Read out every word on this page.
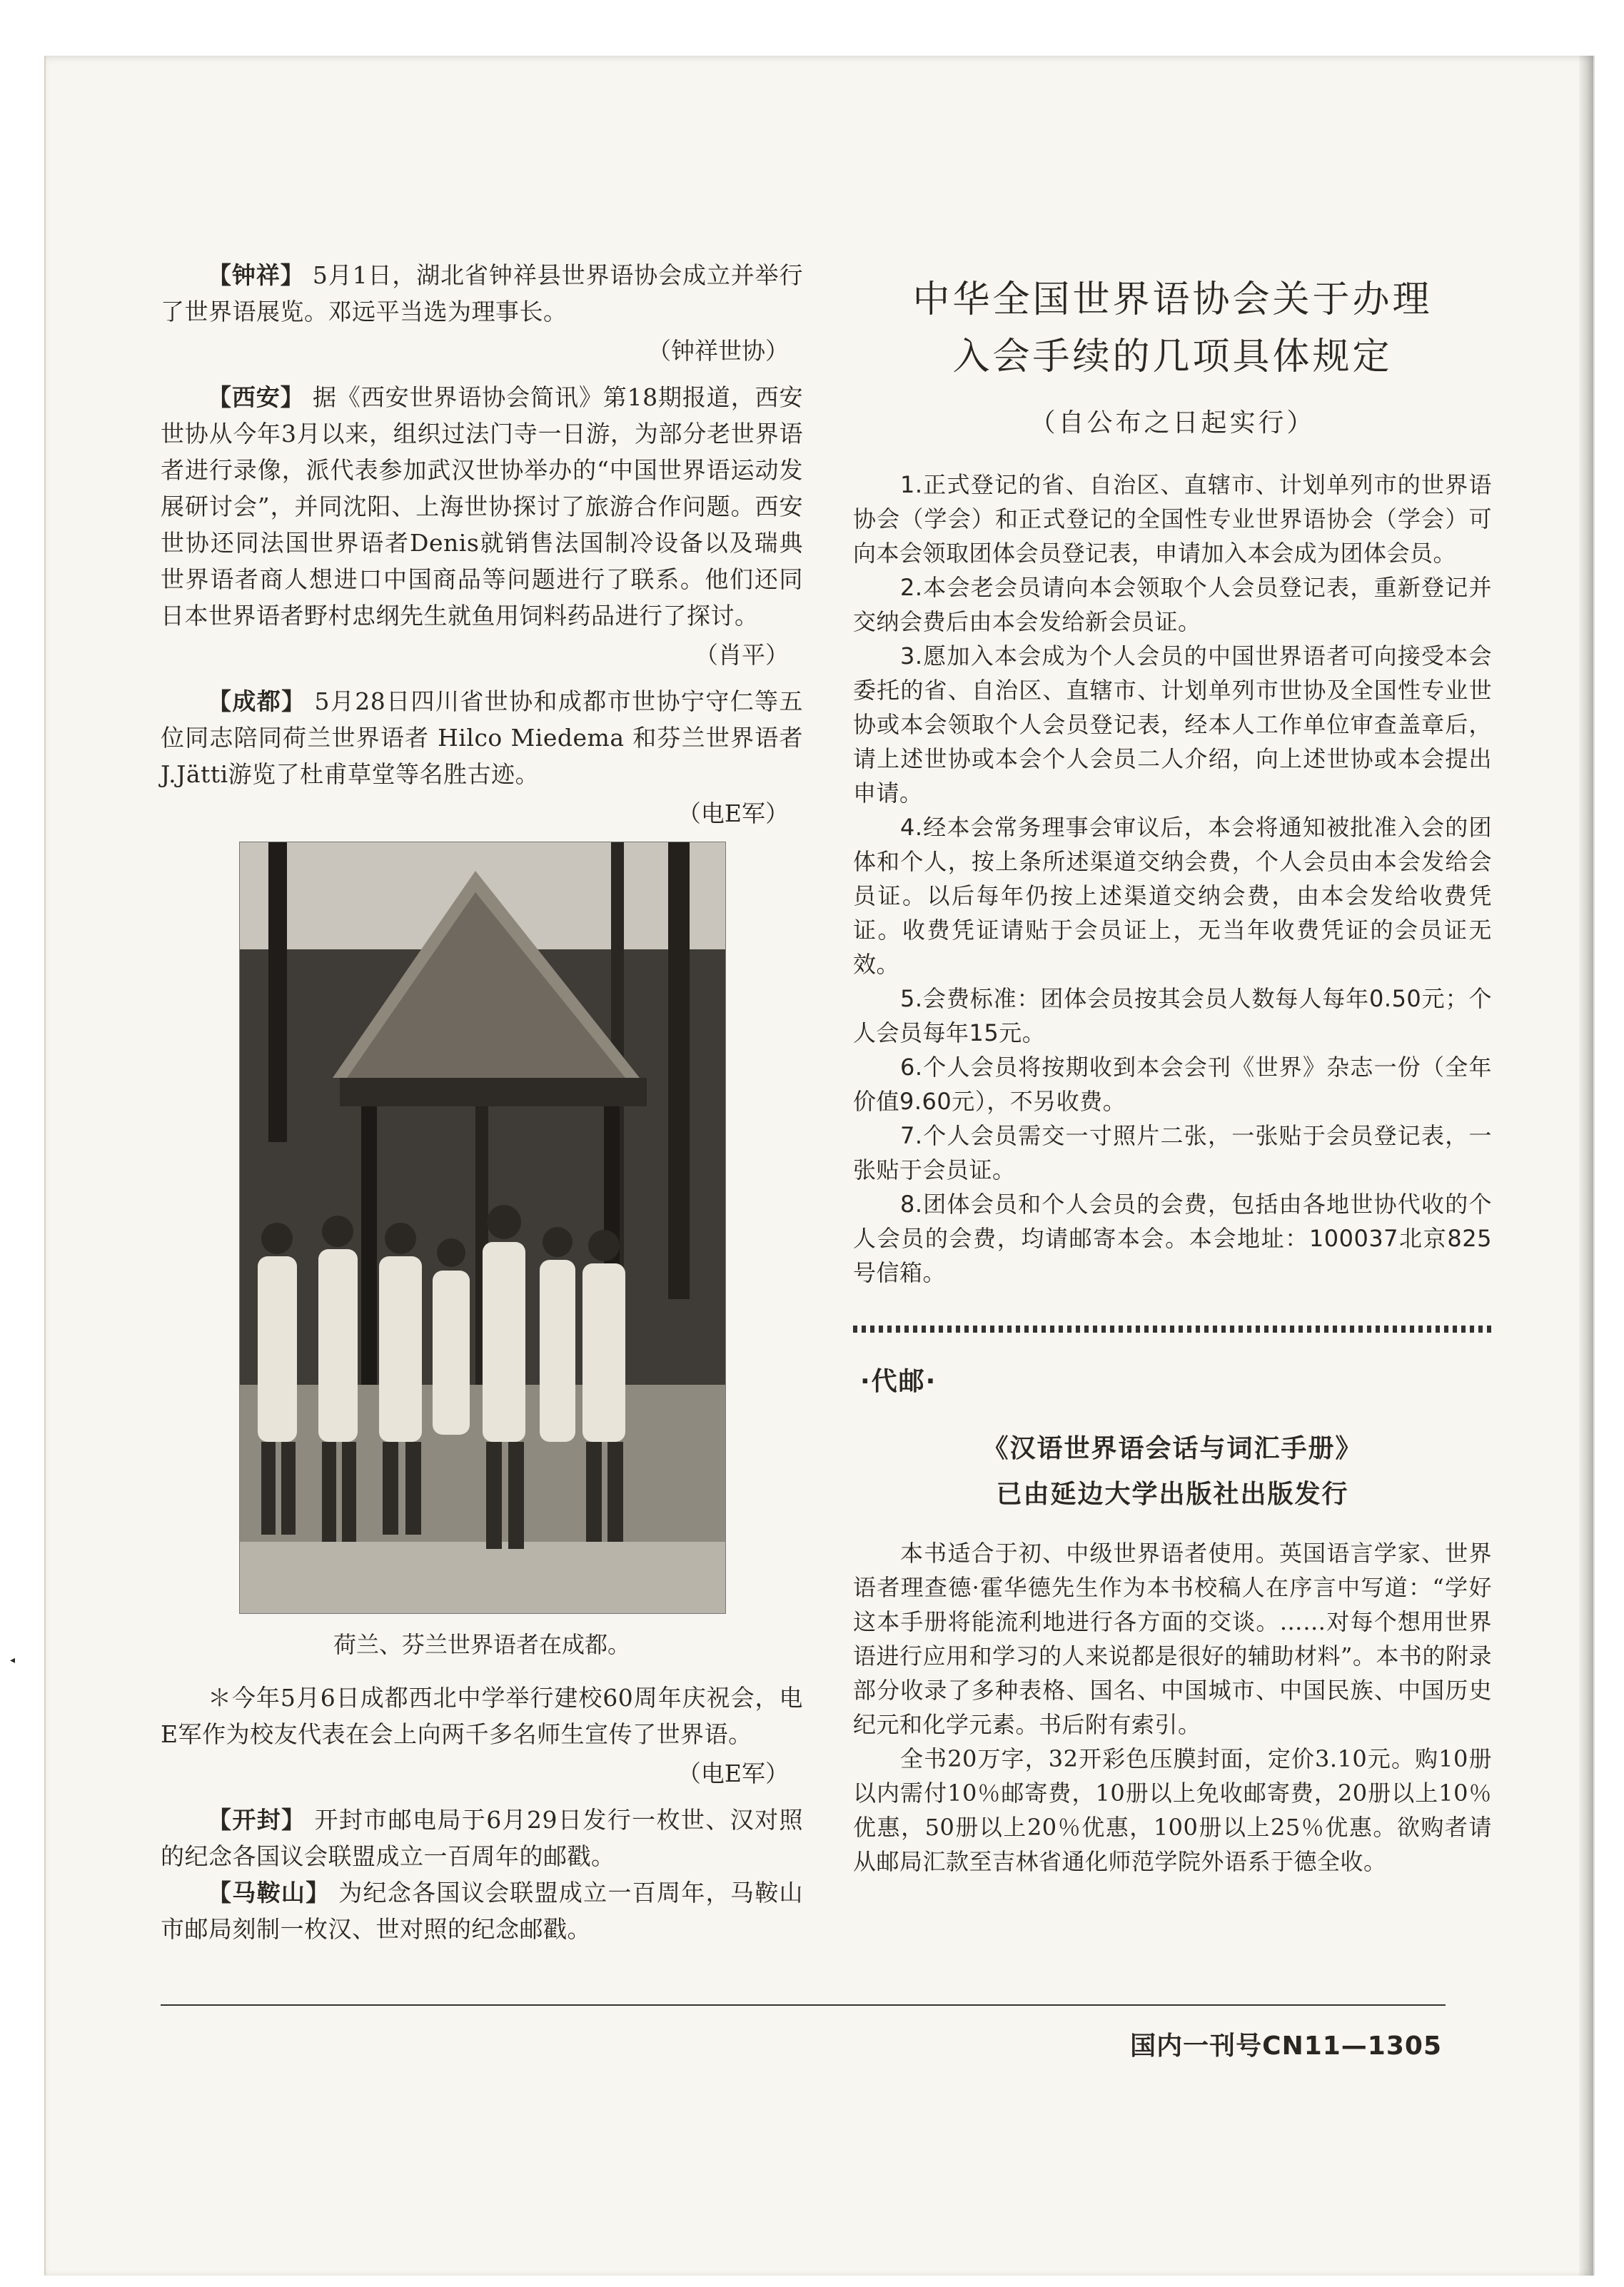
【钟祥】 5月1日，湖北省钟祥县世界语协会成立并举行了世界语展览。邓远平当选为理事长。

（钟祥世协）

【西安】 据《西安世界语协会简讯》第18期报道，西安世协从今年3月以来，组织过法门寺一日游，为部分老世界语者进行录像，派代表参加武汉世协举办的“中国世界语运动发展研讨会”，并同沈阳、上海世协探讨了旅游合作问题。西安世协还同法国世界语者Denis就销售法国制冷设备以及瑞典世界语者商人想进口中国商品等问题进行了联系。他们还同日本世界语者野村忠纲先生就鱼用饲料药品进行了探讨。

（肖平）

【成都】 5月28日四川省世协和成都市世协宁守仁等五位同志陪同荷兰世界语者 Hilco Miedema 和芬兰世界语者J.Jätti游览了杜甫草堂等名胜古迹。

（电E军）

荷兰、芬兰世界语者在成都。

＊今年5月6日成都西北中学举行建校60周年庆祝会，电E军作为校友代表在会上向两千多名师生宣传了世界语。

（电E军）

【开封】 开封市邮电局于6月29日发行一枚世、汉对照的纪念各国议会联盟成立一百周年的邮戳。

【马鞍山】 为纪念各国议会联盟成立一百周年，马鞍山市邮局刻制一枚汉、世对照的纪念邮戳。

中华全国世界语协会关于办理
入会手续的几项具体规定
（自公布之日起实行）

1.正式登记的省、自治区、直辖市、计划单列市的世界语协会（学会）和正式登记的全国性专业世界语协会（学会）可向本会领取团体会员登记表，申请加入本会成为团体会员。

2.本会老会员请向本会领取个人会员登记表，重新登记并交纳会费后由本会发给新会员证。

3.愿加入本会成为个人会员的中国世界语者可向接受本会委托的省、自治区、直辖市、计划单列市世协及全国性专业世协或本会领取个人会员登记表，经本人工作单位审查盖章后，请上述世协或本会个人会员二人介绍，向上述世协或本会提出申请。

4.经本会常务理事会审议后，本会将通知被批准入会的团体和个人，按上条所述渠道交纳会费，个人会员由本会发给会员证。以后每年仍按上述渠道交纳会费，由本会发给收费凭证。收费凭证请贴于会员证上，无当年收费凭证的会员证无效。

5.会费标准：团体会员按其会员人数每人每年0.50元；个人会员每年15元。

6.个人会员将按期收到本会会刊《世界》杂志一份（全年价值9.60元），不另收费。

7.个人会员需交一寸照片二张，一张贴于会员登记表，一张贴于会员证。

8.团体会员和个人会员的会费，包括由各地世协代收的个人会员的会费，均请邮寄本会。本会地址：100037北京825号信箱。

·代邮·
《汉语世界语会话与词汇手册》
已由延边大学出版社出版发行

本书适合于初、中级世界语者使用。英国语言学家、世界语者理查德·霍华德先生作为本书校稿人在序言中写道：“学好这本手册将能流利地进行各方面的交谈。……对每个想用世界语进行应用和学习的人来说都是很好的辅助材料”。本书的附录部分收录了多种表格、国名、中国城市、中国民族、中国历史纪元和化学元素。书后附有索引。

全书20万字，32开彩色压膜封面，定价3.10元。购10册以内需付10％邮寄费，10册以上免收邮寄费，20册以上10％优惠，50册以上20％优惠，100册以上25％优惠。欲购者请从邮局汇款至吉林省通化师范学院外语系于德全收。

国内一刊号CN11—1305
◂
